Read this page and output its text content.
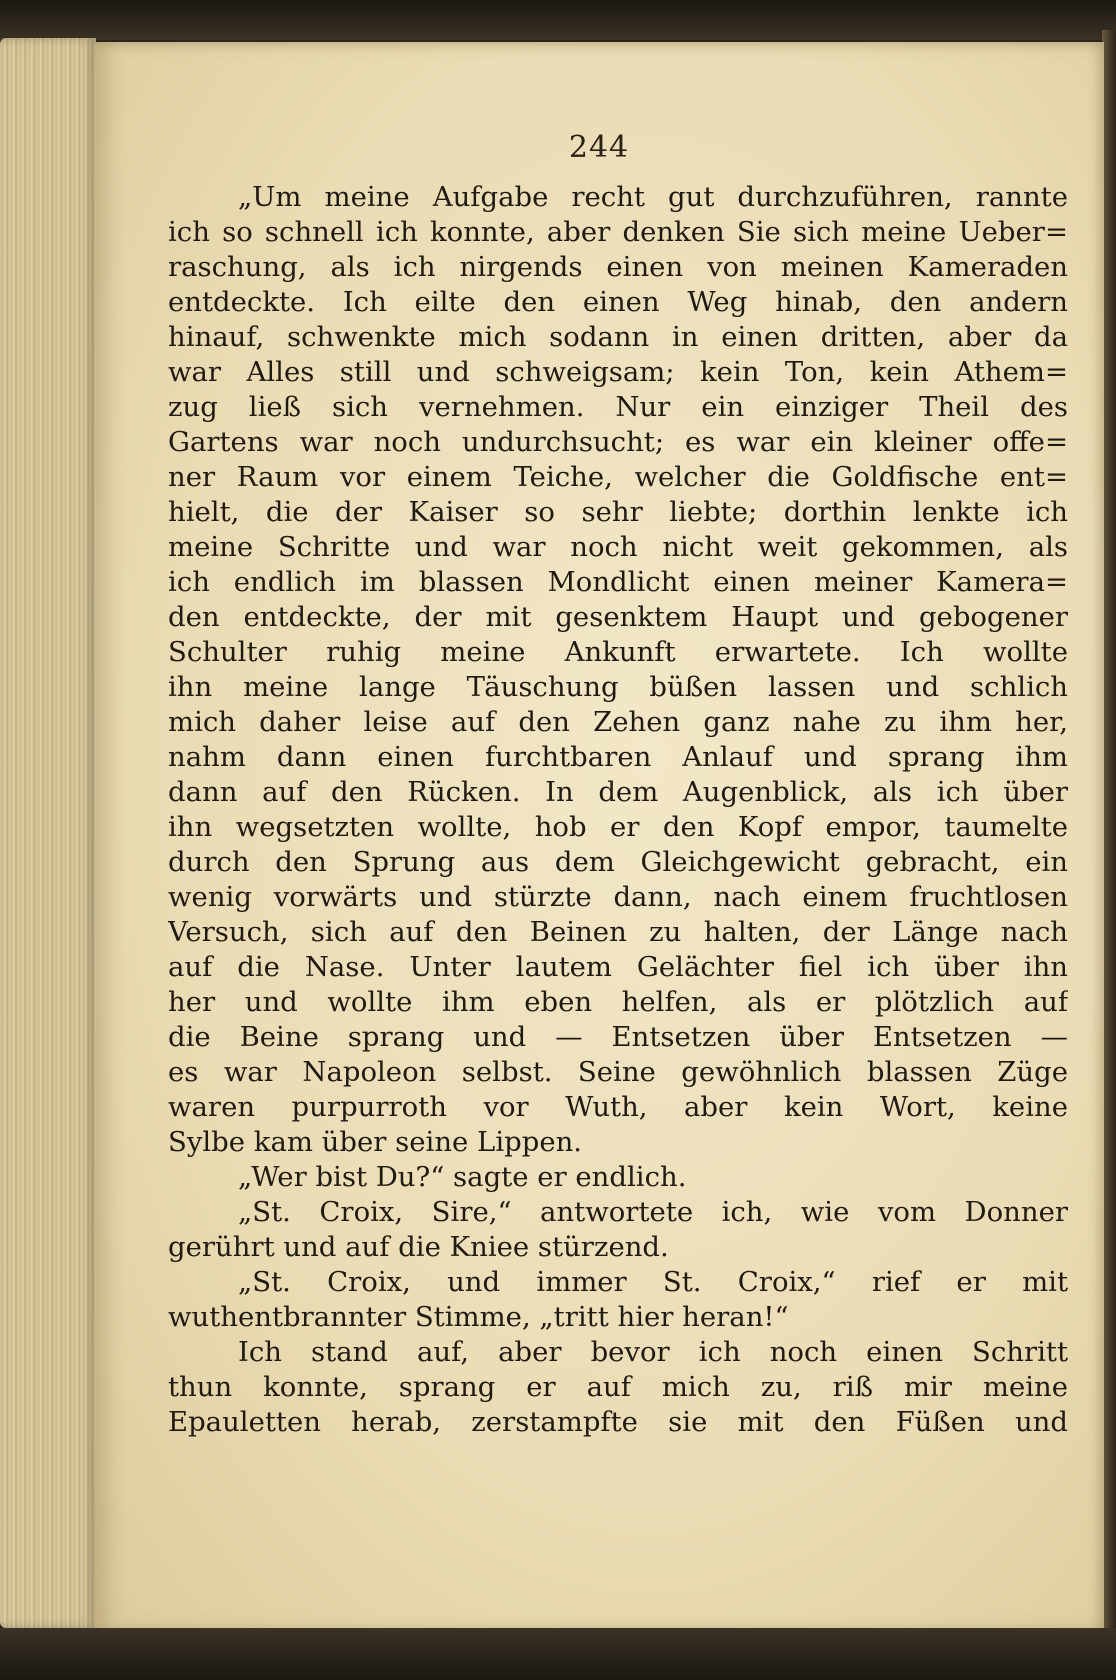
244
„Um meine Aufgabe recht gut durchzuführen, rannte
ich so schnell ich konnte, aber denken Sie sich meine Ueber=
raschung, als ich nirgends einen von meinen Kameraden
entdeckte. Ich eilte den einen Weg hinab, den andern
hinauf, schwenkte mich sodann in einen dritten, aber da
war Alles still und schweigsam; kein Ton, kein Athem=
zug ließ sich vernehmen. Nur ein einziger Theil des
Gartens war noch undurchsucht; es war ein kleiner offe=
ner Raum vor einem Teiche, welcher die Goldfische ent=
hielt, die der Kaiser so sehr liebte; dorthin lenkte ich
meine Schritte und war noch nicht weit gekommen, als
ich endlich im blassen Mondlicht einen meiner Kamera=
den entdeckte, der mit gesenktem Haupt und gebogener
Schulter ruhig meine Ankunft erwartete. Ich wollte
ihn meine lange Täuschung büßen lassen und schlich
mich daher leise auf den Zehen ganz nahe zu ihm her,
nahm dann einen furchtbaren Anlauf und sprang ihm
dann auf den Rücken. In dem Augenblick, als ich über
ihn wegsetzten wollte, hob er den Kopf empor, taumelte
durch den Sprung aus dem Gleichgewicht gebracht, ein
wenig vorwärts und stürzte dann, nach einem fruchtlosen
Versuch, sich auf den Beinen zu halten, der Länge nach
auf die Nase. Unter lautem Gelächter fiel ich über ihn
her und wollte ihm eben helfen, als er plötzlich auf
die Beine sprang und — Entsetzen über Entsetzen —
es war Napoleon selbst. Seine gewöhnlich blassen Züge
waren purpurroth vor Wuth, aber kein Wort, keine
Sylbe kam über seine Lippen.
„Wer bist Du?“ sagte er endlich.
„St. Croix, Sire,“ antwortete ich, wie vom Donner
gerührt und auf die Kniee stürzend.
„St. Croix, und immer St. Croix,“ rief er mit
wuthentbrannter Stimme, „tritt hier heran!“
Ich stand auf, aber bevor ich noch einen Schritt
thun konnte, sprang er auf mich zu, riß mir meine
Epauletten herab, zerstampfte sie mit den Füßen und
